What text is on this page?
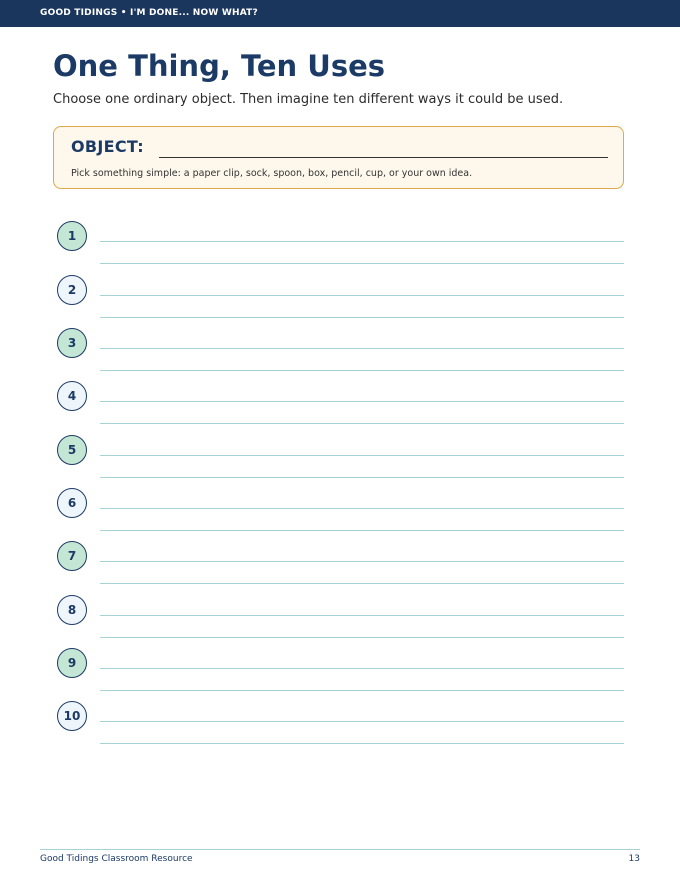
GOOD TIDINGS • I'M DONE... NOW WHAT?
One Thing, Ten Uses
Choose one ordinary object. Then imagine ten different ways it could be used.
OBJECT:
Pick something simple: a paper clip, sock, spoon, box, pencil, cup, or your own idea.
1
2
3
4
5
6
7
8
9
10
Good Tidings Classroom Resource	13
